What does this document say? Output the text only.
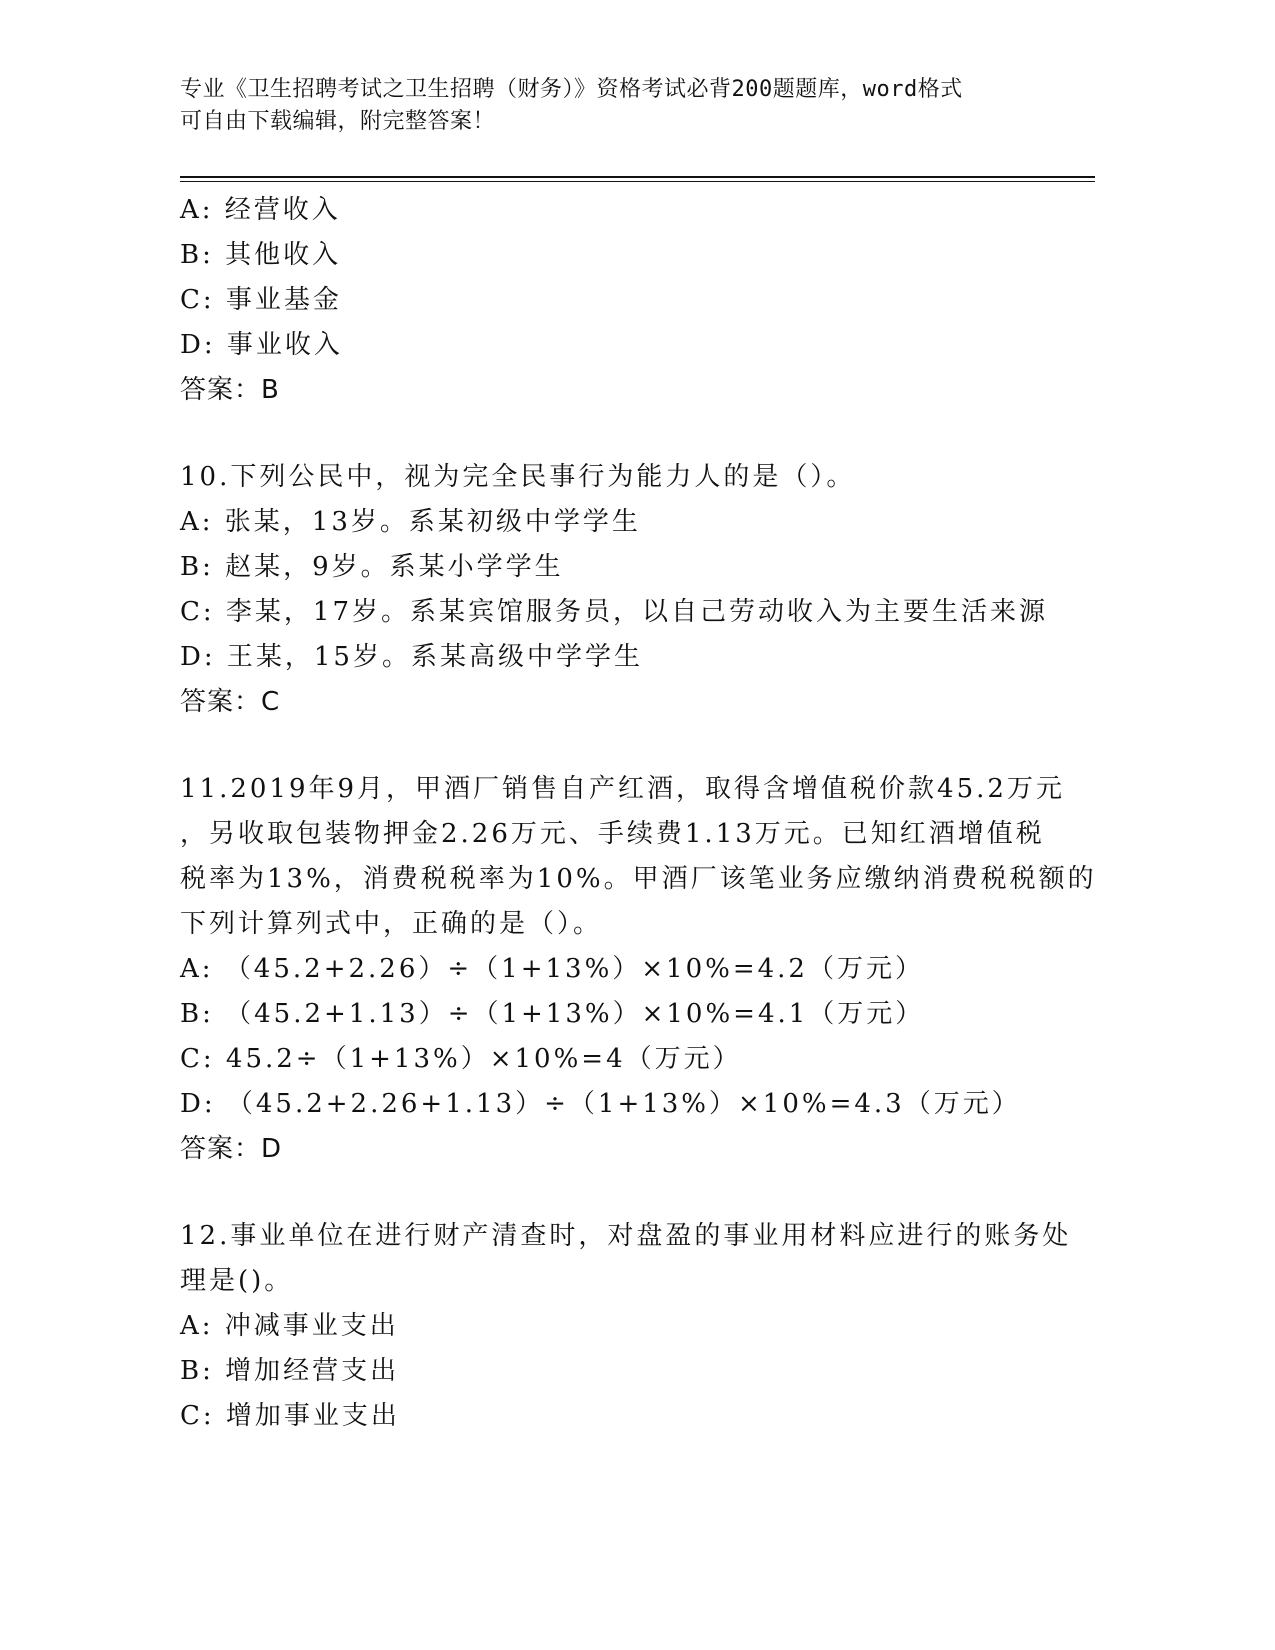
专业《卫生招聘考试之卫生招聘（财务）》资格考试必背200题题库，word格式
可自由下载编辑，附完整答案！
A: 经营收入
B: 其他收入
C: 事业基金
D: 事业收入
答案：B
10.下列公民中，视为完全民事行为能力人的是（）。
A: 张某，13岁。系某初级中学学生
B: 赵某，9岁。系某小学学生
C: 李某，17岁。系某宾馆服务员，以自己劳动收入为主要生活来源
D: 王某，15岁。系某高级中学学生
答案：C
11.2019年9月，甲酒厂销售自产红酒，取得含增值税价款45.2万元
，另收取包装物押金2.26万元、手续费1.13万元。已知红酒增值税
税率为13%，消费税税率为10%。甲酒厂该笔业务应缴纳消费税税额的
下列计算列式中，正确的是（）。
A: （45.2+2.26）÷（1+13%）×10%=4.2（万元）
B: （45.2+1.13）÷（1+13%）×10%=4.1（万元）
C: 45.2÷（1+13%）×10%=4（万元）
D: （45.2+2.26+1.13）÷（1+13%）×10%=4.3（万元）
答案：D
12.事业单位在进行财产清查时，对盘盈的事业用材料应进行的账务处
理是()。
A: 冲减事业支出
B: 增加经营支出
C: 增加事业支出
